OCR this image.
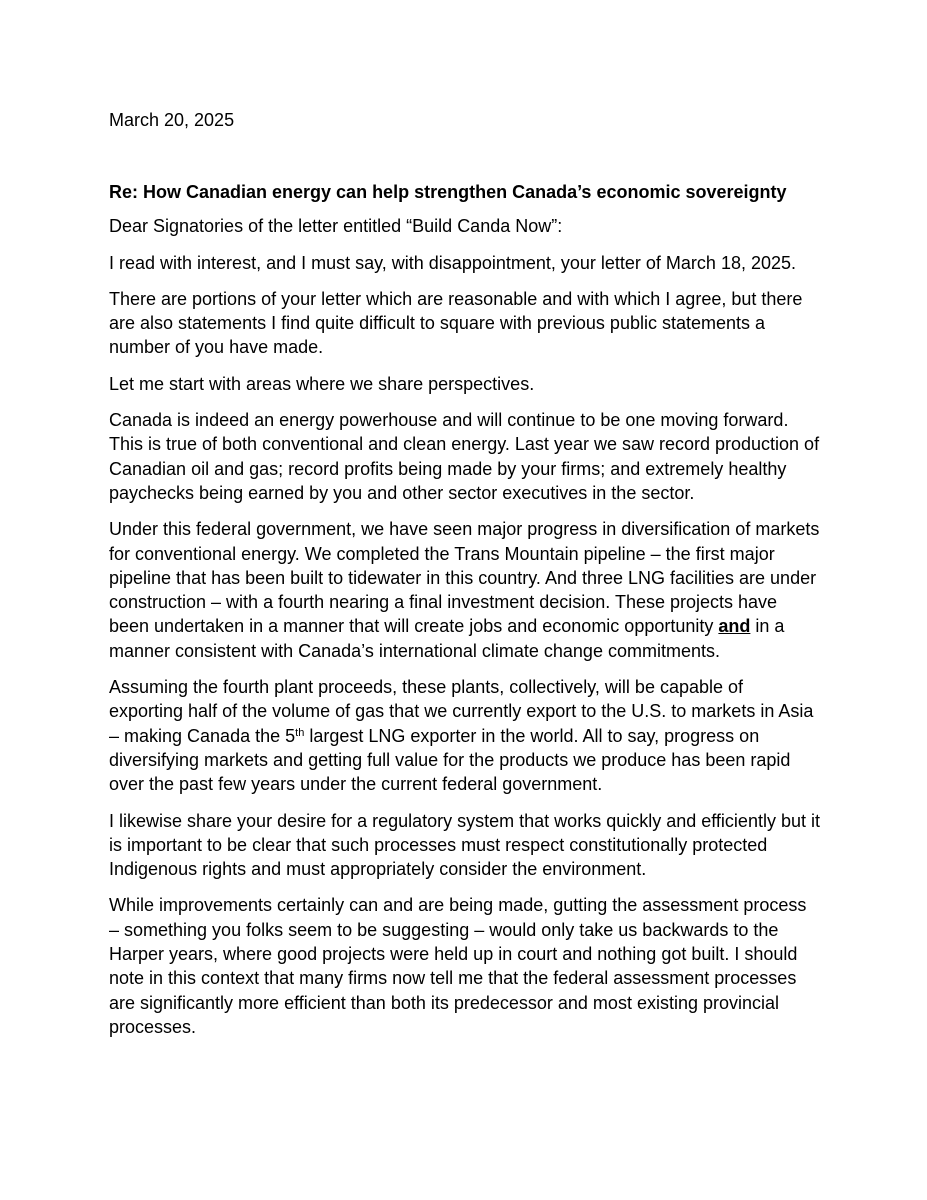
March 20, 2025

Re: How Canadian energy can help strengthen Canada’s economic sovereignty

Dear Signatories of the letter entitled “Build Canda Now”:

I read with interest, and I must say, with disappointment, your letter of March 18, 2025.

There are portions of your letter which are reasonable and with which I agree, but there are also statements I find quite difficult to square with previous public statements a number of you have made.

Let me start with areas where we share perspectives.

Canada is indeed an energy powerhouse and will continue to be one moving forward. This is true of both conventional and clean energy. Last year we saw record production of Canadian oil and gas; record profits being made by your firms; and extremely healthy paychecks being earned by you and other sector executives in the sector.

Under this federal government, we have seen major progress in diversification of markets for conventional energy. We completed the Trans Mountain pipeline – the first major pipeline that has been built to tidewater in this country. And three LNG facilities are under construction – with a fourth nearing a final investment decision. These projects have been undertaken in a manner that will create jobs and economic opportunity and in a manner consistent with Canada’s international climate change commitments.

Assuming the fourth plant proceeds, these plants, collectively, will be capable of exporting half of the volume of gas that we currently export to the U.S. to markets in Asia – making Canada the 5th largest LNG exporter in the world. All to say, progress on diversifying markets and getting full value for the products we produce has been rapid over the past few years under the current federal government.

I likewise share your desire for a regulatory system that works quickly and efficiently but it is important to be clear that such processes must respect constitutionally protected Indigenous rights and must appropriately consider the environment.

While improvements certainly can and are being made, gutting the assessment process – something you folks seem to be suggesting – would only take us backwards to the Harper years, where good projects were held up in court and nothing got built. I should note in this context that many firms now tell me that the federal assessment processes are significantly more efficient than both its predecessor and most existing provincial processes.
